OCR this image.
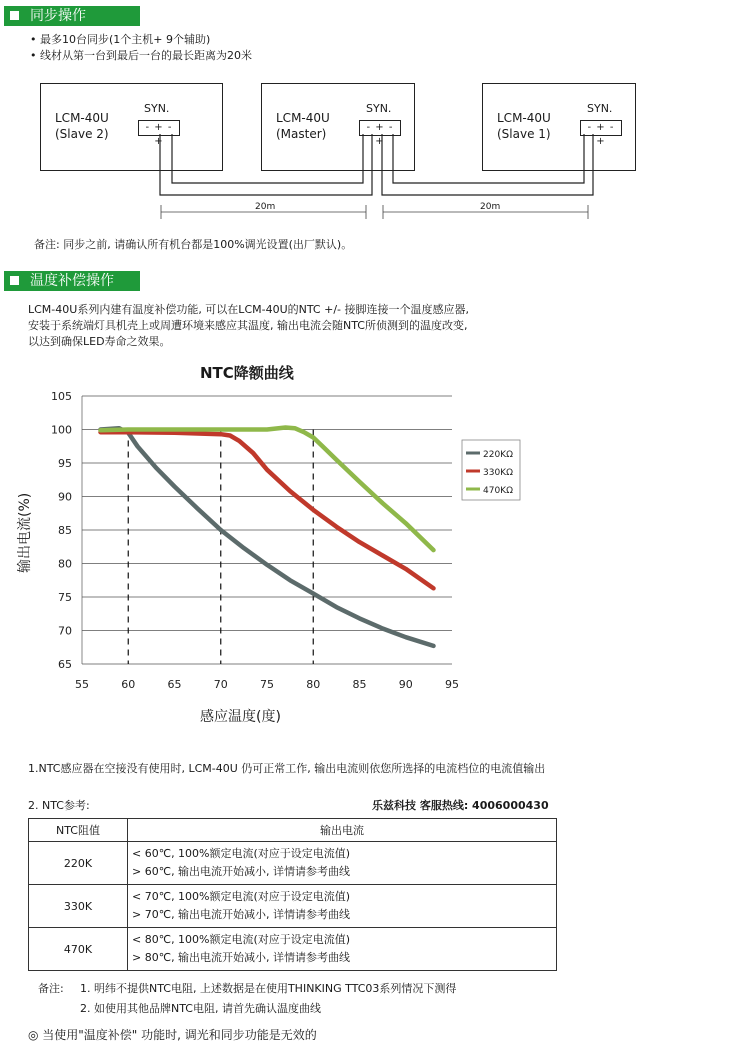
同步操作
• 最多10台同步(1个主机+ 9个辅助)
• 线材从第一台到最后一台的最长距离为20米
LCM-40U
(Slave 2)
SYN.
- + - +
LCM-40U
(Master)
SYN.
- + - +
LCM-40U
(Slave 1)
SYN.
- + - +
20m	20m
备注: 同步之前, 请确认所有机台都是100%调光设置(出厂默认)。
温度补偿操作
LCM-40U系列内建有温度补偿功能, 可以在LCM-40U的NTC +/- 接脚连接一个温度感应器,
安装于系统端灯具机壳上或周遭环境来感应其温度, 输出电流会随NTC所侦测到的温度改变,
以达到确保LED寿命之效果。
NTC降额曲线
65
70
75
80
85
90
95
100
105
55	60	65	70	75	80	85	90	95
220KΩ
330KΩ
470KΩ
感应温度(度)
输出电流(%)
1.NTC感应器在空接没有使用时, LCM-40U 仍可正常工作, 输出电流则依您所选择的电流档位的电流值输出
2. NTC参考:	乐兹科技 客服热线: 4006000430
NTC阻值	输出电流
220K	< 60℃, 100%额定电流(对应于设定电流值)
> 60℃, 输出电流开始减小, 详情请参考曲线

330K	< 70℃, 100%额定电流(对应于设定电流值)
> 70℃, 输出电流开始减小, 详情请参考曲线

470K	< 80℃, 100%额定电流(对应于设定电流值)
> 80℃, 输出电流开始减小, 详情请参考曲线
备注: 1. 明纬不提供NTC电阻, 上述数据是在使用THINKING TTC03系列情况下测得
2. 如使用其他品牌NTC电阻, 请首先确认温度曲线
◎ 当使用"温度补偿" 功能时, 调光和同步功能是无效的
